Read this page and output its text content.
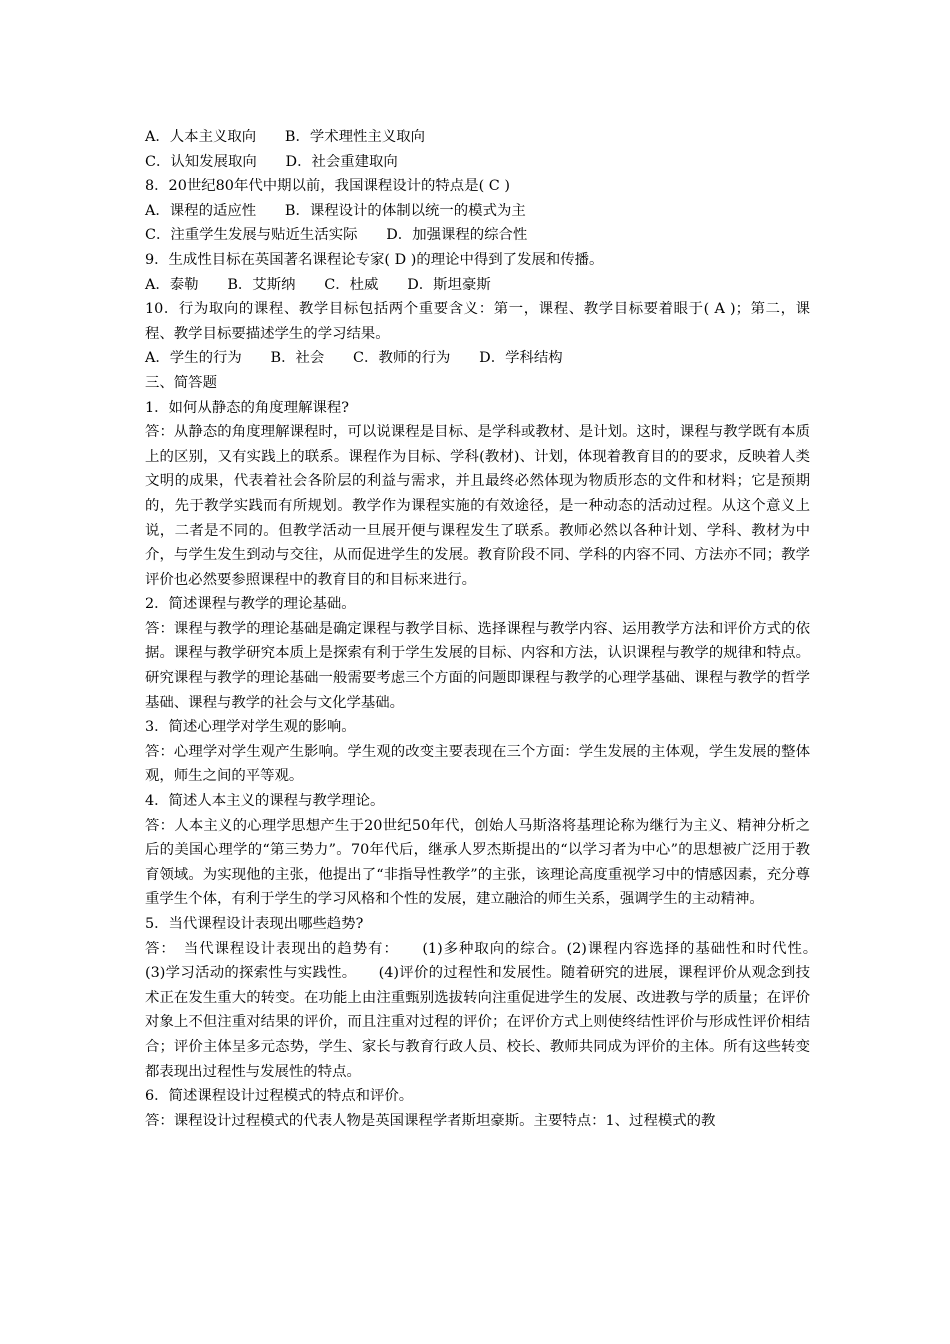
A．人本主义取向　　B．学术理性主义取向
C．认知发展取向　　D．社会重建取向
8．20世纪80年代中期以前，我国课程设计的特点是( C )
A．课程的适应性　　B．课程设计的体制以统一的模式为主
C．注重学生发展与贴近生活实际　　D．加强课程的综合性
9．生成性目标在英国著名课程论专家( D )的理论中得到了发展和传播。
A．泰勒　　B．艾斯纳　　C．杜威　　D．斯坦豪斯
10．行为取向的课程、教学目标包括两个重要含义：第一，课程、教学目标要着眼于( A )；第二，课程、教学目标要描述学生的学习结果。
A．学生的行为　　B．社会　　C．教师的行为　　D．学科结构
三、简答题
1．如何从静态的角度理解课程?
答：从静态的角度理解课程时，可以说课程是目标、是学科或教材、是计划。这时，课程与教学既有本质上的区别，又有实践上的联系。课程作为目标、学科(教材)、计划，体现着教育目的的要求，反映着人类文明的成果，代表着社会各阶层的利益与需求，并且最终必然体现为物质形态的文件和材料；它是预期的，先于教学实践而有所规划。教学作为课程实施的有效途径，是一种动态的活动过程。从这个意义上说，二者是不同的。但教学活动一旦展开便与课程发生了联系。教师必然以各种计划、学科、教材为中介，与学生发生到动与交往，从而促进学生的发展。教育阶段不同、学科的内容不同、方法亦不同；教学评价也必然要参照课程中的教育目的和目标来进行。
2．简述课程与教学的理论基础。
答：课程与教学的理论基础是确定课程与教学目标、选择课程与教学内容、运用教学方法和评价方式的依据。课程与教学研究本质上是探索有利于学生发展的目标、内容和方法，认识课程与教学的规律和特点。研究课程与教学的理论基础一般需要考虑三个方面的问题即课程与教学的心理学基础、课程与教学的哲学基础、课程与教学的社会与文化学基础。
3．简述心理学对学生观的影响。
答：心理学对学生观产生影响。学生观的改变主要表现在三个方面：学生发展的主体观，学生发展的整体观，师生之间的平等观。
4．简述人本主义的课程与教学理论。
答：人本主义的心理学思想产生于20世纪50年代，创始人马斯洛将基理论称为继行为主义、精神分析之后的美国心理学的“第三势力”。70年代后，继承人罗杰斯提出的“以学习者为中心”的思想被广泛用于教育领域。为实现他的主张，他提出了“非指导性教学”的主张，该理论高度重视学习中的情感因素，充分尊重学生个体，有利于学生的学习风格和个性的发展，建立融洽的师生关系，强调学生的主动精神。
5．当代课程设计表现出哪些趋势?
答：　当代课程设计表现出的趋势有：　　(1)多种取向的综合。(2)课程内容选择的基础性和时代性。　　(3)学习活动的探索性与实践性。　　(4)评价的过程性和发展性。随着研究的进展，课程评价从观念到技术正在发生重大的转变。在功能上由注重甄别选拔转向注重促进学生的发展、改进教与学的质量；在评价对象上不但注重对结果的评价，而且注重对过程的评价；在评价方式上则使终结性评价与形成性评价相结合；评价主体呈多元态势，学生、家长与教育行政人员、校长、教师共同成为评价的主体。所有这些转变都表现出过程性与发展性的特点。
6．简述课程设计过程模式的特点和评价。
答：课程设计过程模式的代表人物是英国课程学者斯坦豪斯。主要特点：1、过程模式的教
